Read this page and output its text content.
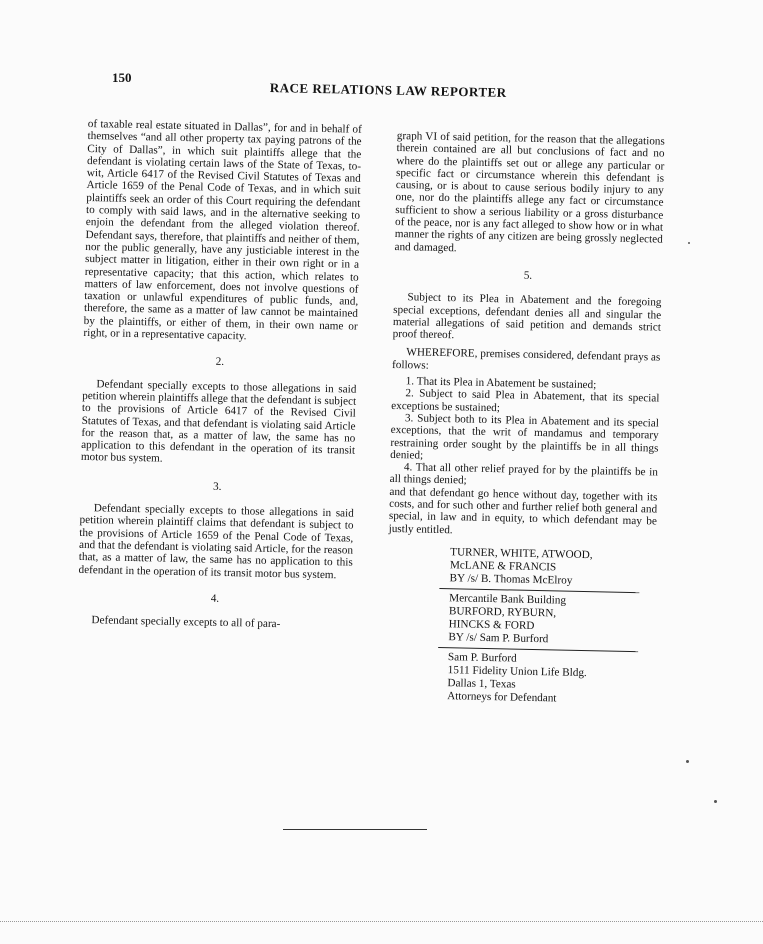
150
RACE RELATIONS LAW REPORTER

of taxable real estate situated in Dallas”, for and in behalf of themselves “and all other property tax paying patrons of the City of Dallas”, in which suit plaintiffs allege that the defendant is violating certain laws of the State of Texas, to-wit, Article 6417 of the Revised Civil Statutes of Texas and Article 1659 of the Penal Code of Texas, and in which suit plaintiffs seek an order of this Court requiring the defendant to comply with said laws, and in the alternative seeking to enjoin the defendant from the alleged violation thereof. Defendant says, therefore, that plaintiffs and neither of them, nor the public generally, have any justiciable interest in the subject matter in litigation, either in their own right or in a representative capacity; that this action, which relates to matters of law enforcement, does not involve questions of taxation or unlawful expenditures of public funds, and, therefore, the same as a matter of law cannot be maintained by the plaintiffs, or either of them, in their own name or right, or in a representative capacity.

2.

Defendant specially excepts to those allegations in said petition wherein plaintiffs allege that the defendant is subject to the provisions of Article 6417 of the Revised Civil Statutes of Texas, and that defendant is violating said Article for the reason that, as a matter of law, the same has no application to this defendant in the operation of its transit motor bus system.

3.

Defendant specially excepts to those allegations in said petition wherein plaintiff claims that defendant is subject to the provisions of Article 1659 of the Penal Code of Texas, and that the defendant is violating said Article, for the reason that, as a matter of law, the same has no application to this defendant in the operation of its transit motor bus system.

4.

Defendant specially excepts to all of para-

graph VI of said petition, for the reason that the allegations therein contained are all but conclusions of fact and no where do the plaintiffs set out or allege any particular or specific fact or circumstance wherein this defendant is causing, or is about to cause serious bodily injury to any one, nor do the plaintiffs allege any fact or circumstance sufficient to show a serious liability or a gross disturbance of the peace, nor is any fact alleged to show how or in what manner the rights of any citizen are being grossly neglected and damaged.

5.

Subject to its Plea in Abatement and the foregoing special exceptions, defendant denies all and singular the material allegations of said petition and demands strict proof thereof.

WHEREFORE, premises considered, defendant prays as follows:

1. That its Plea in Abatement be sustained;
2. Subject to said Plea in Abatement, that its special exceptions be sustained;
3. Subject both to its Plea in Abatement and its special exceptions, that the writ of mandamus and temporary restraining order sought by the plaintiffs be in all things denied;
4. That all other relief prayed for by the plaintiffs be in all things denied;

and that defendant go hence without day, together with its costs, and for such other and further relief both general and special, in law and in equity, to which defendant may be justly entitled.

TURNER, WHITE, ATWOOD,
McLANE & FRANCIS
BY /s/ B. Thomas McElroy
Mercantile Bank Building
BURFORD, RYBURN,
HINCKS & FORD
BY /s/ Sam P. Burford
Sam P. Burford
1511 Fidelity Union Life Bldg.
Dallas 1, Texas
Attorneys for Defendant
